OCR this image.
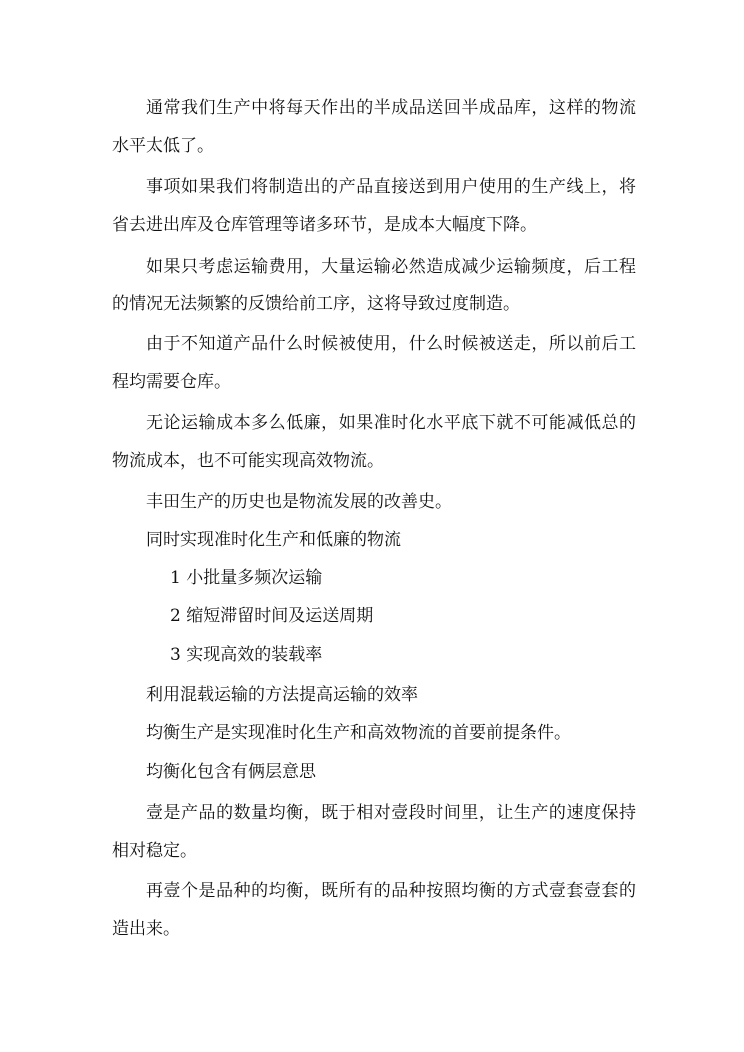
通常我们生产中将每天作出的半成品送回半成品库，这样的物流
水平太低了。
事项如果我们将制造出的产品直接送到用户使用的生产线上，将
省去进出库及仓库管理等诸多环节，是成本大幅度下降。
如果只考虑运输费用，大量运输必然造成减少运输频度，后工程
的情况无法频繁的反馈给前工序，这将导致过度制造。
由于不知道产品什么时候被使用，什么时候被送走，所以前后工
程均需要仓库。
无论运输成本多么低廉，如果准时化水平底下就不可能减低总的
物流成本，也不可能实现高效物流。
丰田生产的历史也是物流发展的改善史。
同时实现准时化生产和低廉的物流
1 小批量多频次运输
2 缩短滞留时间及运送周期
3 实现高效的装载率
利用混载运输的方法提高运输的效率
均衡生产是实现准时化生产和高效物流的首要前提条件。
均衡化包含有俩层意思
壹是产品的数量均衡，既于相对壹段时间里，让生产的速度保持
相对稳定。
再壹个是品种的均衡，既所有的品种按照均衡的方式壹套壹套的
造出来。
